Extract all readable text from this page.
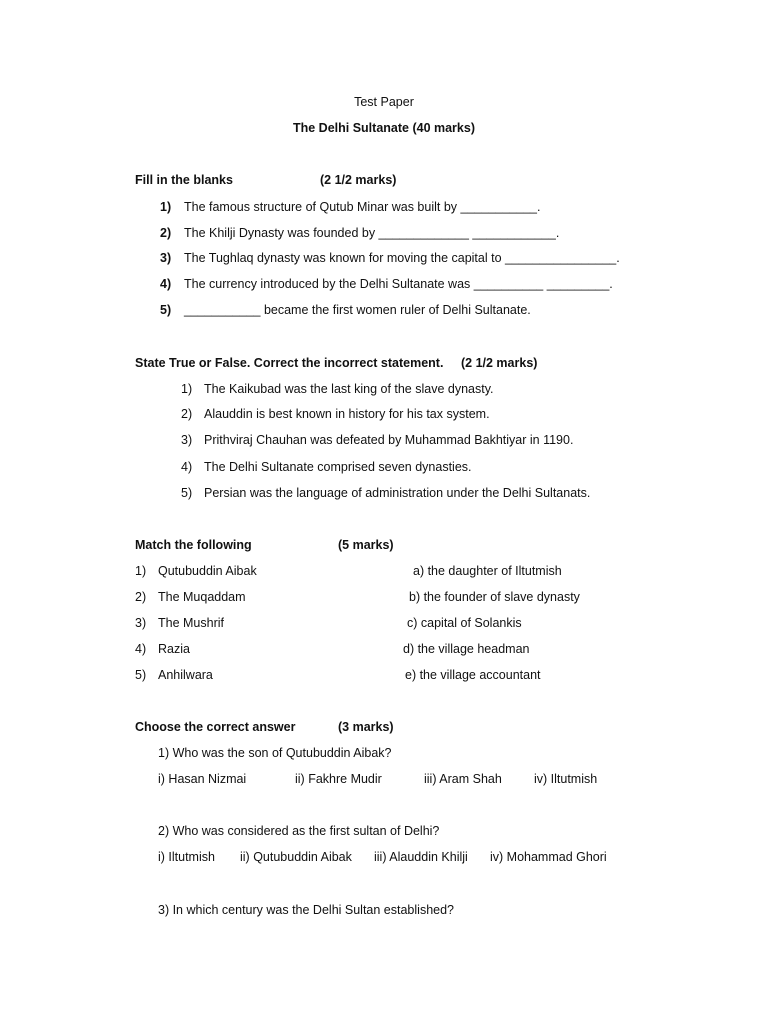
Test Paper
The Delhi Sultanate (40 marks)
Fill in the blanks	(2 1/2 marks)
1) The famous structure of Qutub Minar was built by ___________.
2) The Khilji Dynasty was founded by _____________ ____________.
3) The Tughlaq dynasty was known for moving the capital to ________________.
4) The currency introduced by the Delhi Sultanate was __________ _________.
5) ___________ became the first women ruler of Delhi Sultanate.
State True or False. Correct the incorrect statement. (2 1/2 marks)
1) The Kaikubad was the last king of the slave dynasty.
2) Alauddin is best known in history for his tax system.
3) Prithviraj Chauhan was defeated by Muhammad Bakhtiyar in 1190.
4) The Delhi Sultanate comprised seven dynasties.
5) Persian was the language of administration under the Delhi Sultanats.
Match the following	(5 marks)
1) Qutubuddin Aibak	a) the daughter of Iltutmish
2) The Muqaddam	b) the founder of slave dynasty
3) The Mushrif	c) capital of Solankis
4) Razia	d) the village headman
5) Anhilwara	e) the village accountant
Choose the correct answer	(3 marks)
1) Who was the son of Qutubuddin Aibak?
i) Hasan Nizmai	ii) Fakhre Mudir	iii) Aram Shah	iv) Iltutmish
2) Who was considered as the first sultan of Delhi?
i) Iltutmish ii) Qutubuddin Aibak iii) Alauddin Khilji iv) Mohammad Ghori
3) In which century was the Delhi Sultan established?
